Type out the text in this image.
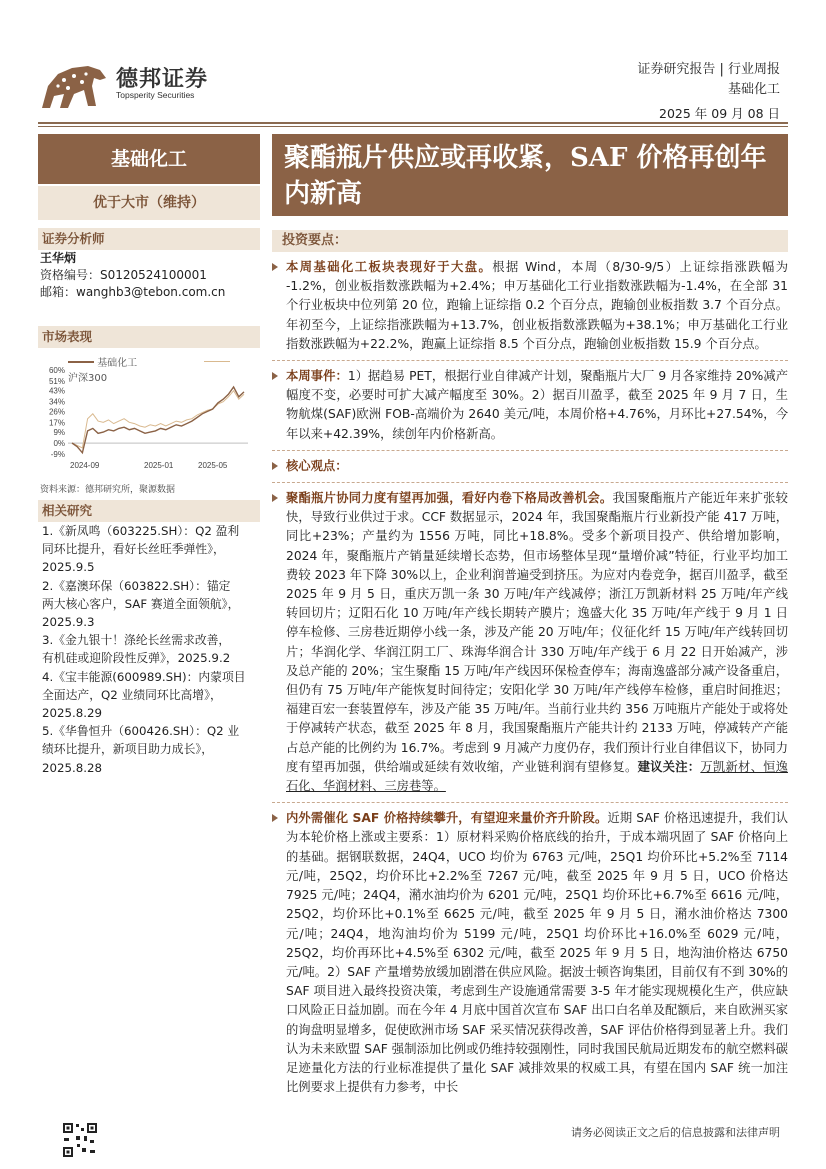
德邦证券
Topsperity Securities
证券研究报告 | 行业周报
基础化工
2025 年 09 月 08 日
基础化工
优于大市（维持）
证券分析师
王华炳
资格编号：S0120524100001
邮箱：wanghb3@tebon.com.cn
市场表现
基础化工   沪深300
60%
51%
43%
34%
26%
17%
9%
0%
-9%
2024-09	2025-01	2025-05
资料来源：德邦研究所，聚源数据
相关研究
1.《新凤鸣（603225.SH）：Q2 盈利
同环比提升，看好长丝旺季弹性》，
2025.9.5
2.《嘉澳环保（603822.SH）：锚定
两大核心客户，SAF 赛道全面领航》，
2025.9.3
3.《金九银十！涤纶长丝需求改善，
有机硅或迎阶段性反弹》，2025.9.2
4.《宝丰能源(600989.SH)：内蒙项目
全面达产，Q2 业绩同环比高增》，
2025.8.29
5.《华鲁恒升（600426.SH）：Q2 业
绩环比提升，新项目助力成长》，
2025.8.28
聚酯瓶片供应或再收紧，SAF 价格再创年内新高
投资要点：
本周基础化工板块表现好于大盘。根据 Wind，本周（8/30-9/5）上证综指涨跌幅为 -1.2%，创业板指数涨跌幅为+2.4%；申万基础化工行业指数涨跌幅为-1.4%，在全部 31 个行业板块中位列第 20 位，跑输上证综指 0.2 个百分点，跑输创业板指数 3.7 个百分点。年初至今，上证综指涨跌幅为+13.7%，创业板指数涨跌幅为+38.1%；申万基础化工行业指数涨跌幅为+22.2%，跑赢上证综指 8.5 个百分点，跑输创业板指数 15.9 个百分点。
本周事件：1）据趋易 PET，根据行业自律减产计划，聚酯瓶片大厂 9 月各家维持 20%减产幅度不变，必要时可扩大减产幅度至 30%。2）据百川盈孚，截至 2025 年 9 月 7 日，生物航煤(SAF)欧洲 FOB-高端价为 2640 美元/吨，本周价格+4.76%，月环比+27.54%，今年以来+42.39%，续创年内价格新高。
核心观点：
聚酯瓶片协同力度有望再加强，看好内卷下格局改善机会。我国聚酯瓶片产能近年来扩张较快，导致行业供过于求。CCF 数据显示，2024 年，我国聚酯瓶片行业新投产能 417 万吨，同比+23%；产量约为 1556 万吨，同比+18.8%。受多个新项目投产、供给增加影响，2024 年，聚酯瓶片产销量延续增长态势，但市场整体呈现“量增价减”特征，行业平均加工费较 2023 年下降 30%以上，企业利润普遍受到挤压。为应对内卷竞争，据百川盈孚，截至 2025 年 9 月 5 日，重庆万凯一条 30 万吨/年产线减停；浙江万凯新材料 25 万吨/年产线转回切片；辽阳石化 10 万吨/年产线长期转产膜片；逸盛大化 35 万吨/年产线于 9 月 1 日停车检修、三房巷近期停小线一条，涉及产能 20 万吨/年；仪征化纤 15 万吨/年产线转回切片；华润化学、华润江阴工厂、珠海华润合计 330 万吨/年产线于 6 月 22 日开始减产，涉及总产能的 20%；宝生聚酯 15 万吨/年产线因环保检查停车；海南逸盛部分减产设备重启，但仍有 75 万吨/年产能恢复时间待定；安阳化学 30 万吨/年产线停车检修，重启时间推迟；福建百宏一套装置停车，涉及产能 35 万吨/年。当前行业共约 356 万吨瓶片产能处于或将处于停减转产状态，截至 2025 年 8 月，我国聚酯瓶片产能共计约 2133 万吨，停减转产产能占总产能的比例约为 16.7%。考虑到 9 月减产力度仍存，我们预计行业自律倡议下，协同力度有望再加强，供给端或延续有效收缩，产业链利润有望修复。建议关注：万凯新材、恒逸石化、华润材料、三房巷等。
内外需催化 SAF 价格持续攀升，有望迎来量价齐升阶段。近期 SAF 价格迅速提升，我们认为本轮价格上涨或主要系：1）原材料采购价格底线的抬升，于成本端巩固了 SAF 价格向上的基础。据钢联数据，24Q4，UCO 均价为 6763 元/吨，25Q1 均价环比+5.2%至 7114 元/吨，25Q2，均价环比+2.2%至 7267 元/吨，截至 2025 年 9 月 5 日，UCO 价格达 7925 元/吨；24Q4，潲水油均价为 6201 元/吨，25Q1 均价环比+6.7%至 6616 元/吨，25Q2，均价环比+0.1%至 6625 元/吨，截至 2025 年 9 月 5 日，潲水油价格达 7300 元/吨；24Q4，地沟油均价为 5199 元/吨，25Q1 均价环比+16.0%至 6029 元/吨，25Q2，均价再环比+4.5%至 6302 元/吨，截至 2025 年 9 月 5 日，地沟油价格达 6750 元/吨。2）SAF 产量增势放缓加剧潜在供应风险。据波士顿咨询集团，目前仅有不到 30%的 SAF 项目进入最终投资决策，考虑到生产设施通常需要 3-5 年才能实现规模化生产，供应缺口风险正日益加剧。而在今年 4 月底中国首次宣布 SAF 出口白名单及配额后，来自欧洲买家的询盘明显增多，促使欧洲市场 SAF 采买情况获得改善，SAF 评估价格得到显著上升。我们认为未来欧盟 SAF 强制添加比例或仍维持较强刚性，同时我国民航局近期发布的航空燃料碳足迹量化方法的行业标准提供了量化 SAF 减排效果的权威工具，有望在国内 SAF 统一加注比例要求上提供有力参考，中长
请务必阅读正文之后的信息披露和法律声明
